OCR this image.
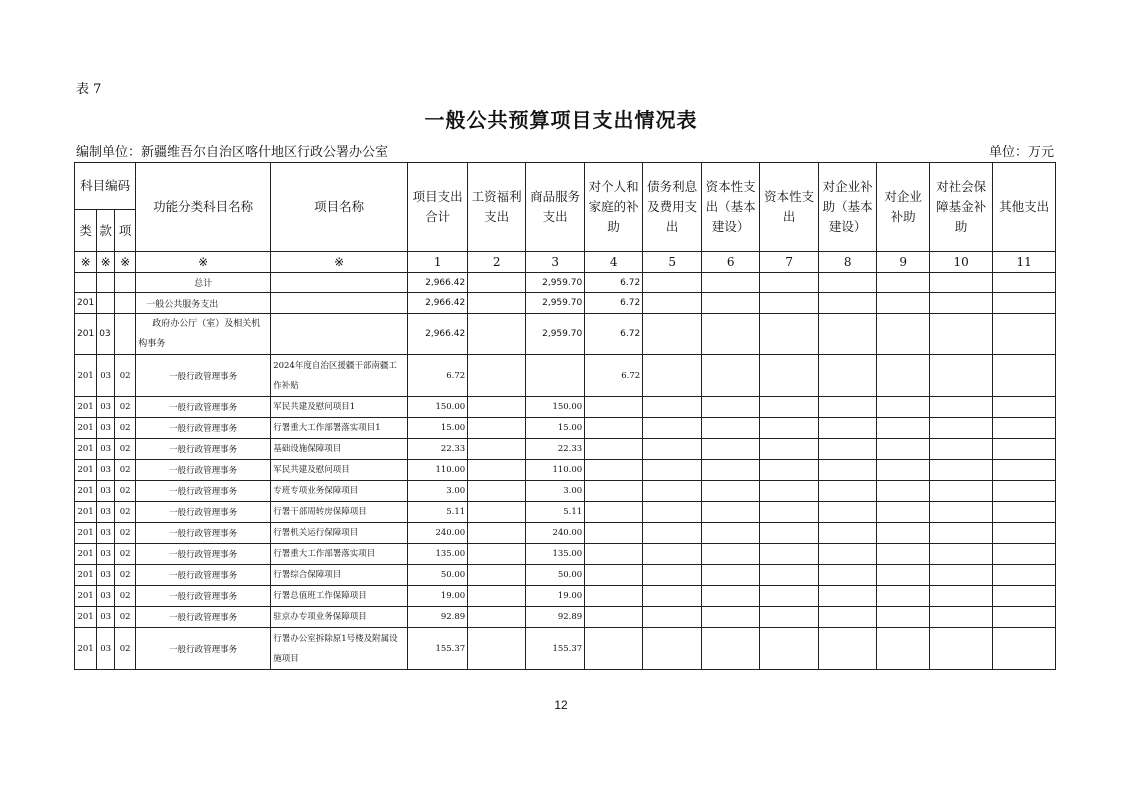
表 7
一般公共预算项目支出情况表
编制单位：新疆维吾尔自治区喀什地区行政公署办公室	单位：万元
科目编码			功能分类科目名称	项目名称	项目支出合计	工资福利支出	商品服务支出	对个人和家庭的补助	债务利息及费用支出	资本性支出（基本建设）	资本性支出	对企业补助（基本建设）	对企业补助	对社会保障基金补助	其他支出
类	款	项													
※	※	※	※	※	1	2	3	4	5	6	7	8	9	10	11
			总计		2,966.42		2,959.70	6.72							
201			一般公共服务支出		2,966.42		2,959.70	6.72							
201	03		政府办公厅（室）及相关机构事务		2,966.42		2,959.70	6.72							
201	03	02	一般行政管理事务	2024年度自治区援疆干部南疆工作补贴	6.72			6.72							
201	03	02	一般行政管理事务	军民共建及慰问项目1	150.00		150.00								
201	03	02	一般行政管理事务	行署重大工作部署落实项目1	15.00		15.00								
201	03	02	一般行政管理事务	基础设施保障项目	22.33		22.33								
201	03	02	一般行政管理事务	军民共建及慰问项目	110.00		110.00								
201	03	02	一般行政管理事务	专班专项业务保障项目	3.00		3.00								
201	03	02	一般行政管理事务	行署干部周转房保障项目	5.11		5.11								
201	03	02	一般行政管理事务	行署机关运行保障项目	240.00		240.00								
201	03	02	一般行政管理事务	行署重大工作部署落实项目	135.00		135.00								
201	03	02	一般行政管理事务	行署综合保障项目	50.00		50.00								
201	03	02	一般行政管理事务	行署总值班工作保障项目	19.00		19.00								
201	03	02	一般行政管理事务	驻京办专项业务保障项目	92.89		92.89								
201	03	02	一般行政管理事务	行署办公室拆除原1号楼及附属设施项目	155.37		155.37								
12
